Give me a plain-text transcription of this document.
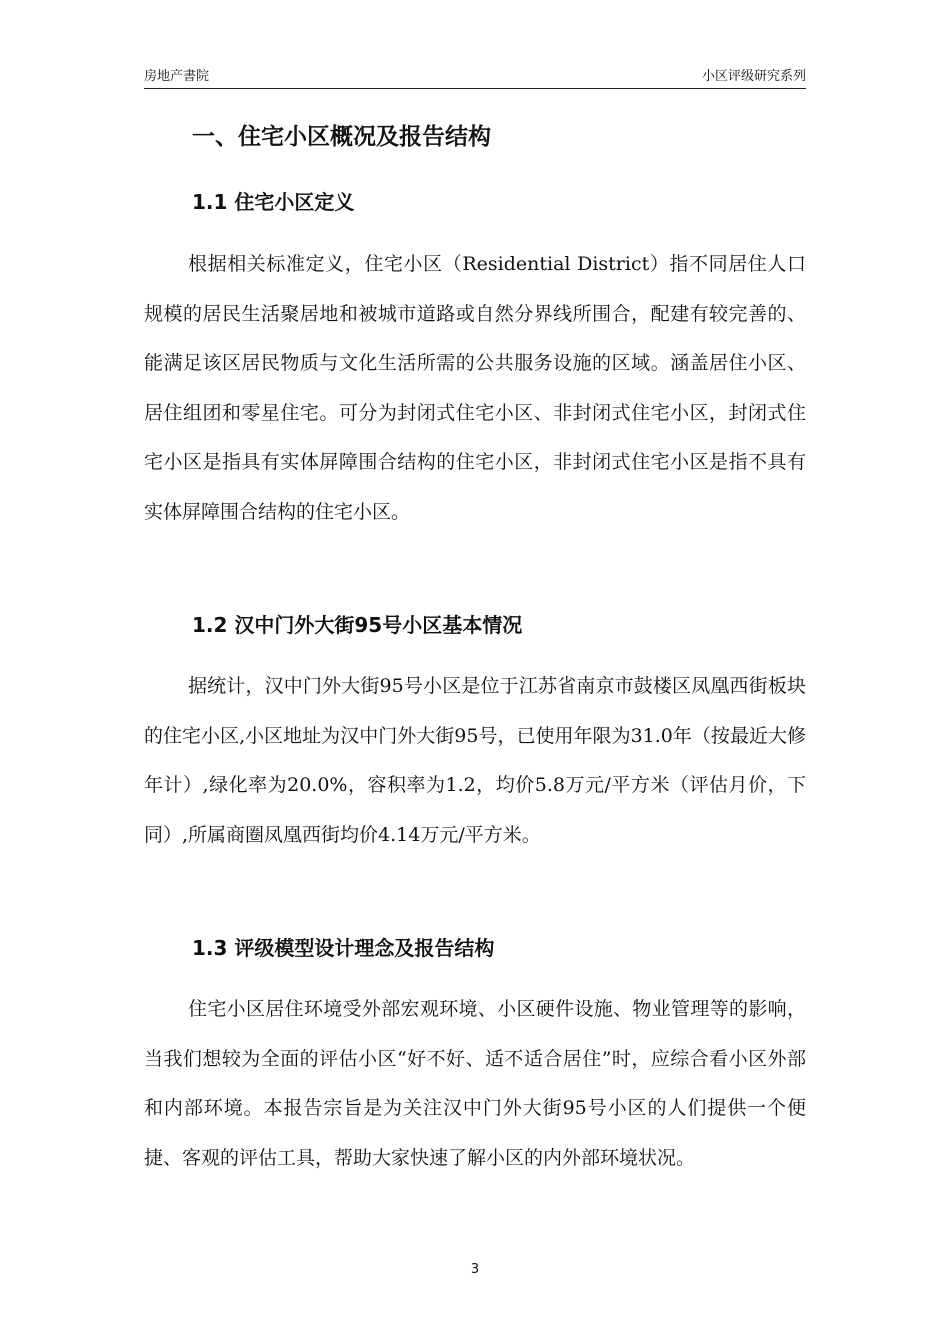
房地产書院	小区评级研究系列
一、住宅小区概况及报告结构
1.1 住宅小区定义

根据相关标准定义，住宅小区（Residential District）指不同居住人口规模的居民生活聚居地和被城市道路或自然分界线所围合，配建有较完善的、能满足该区居民物质与文化生活所需的公共服务设施的区域。涵盖居住小区、居住组团和零星住宅。可分为封闭式住宅小区、非封闭式住宅小区，封闭式住宅小区是指具有实体屏障围合结构的住宅小区，非封闭式住宅小区是指不具有实体屏障围合结构的住宅小区。

1.2 汉中门外大街95号小区基本情况

据统计，汉中门外大街95号小区是位于江苏省南京市鼓楼区凤凰西街板块的住宅小区,小区地址为汉中门外大街95号，已使用年限为31.0年（按最近大修年计）,绿化率为20.0%，容积率为1.2，均价5.8万元/平方米（评估月价，下同）,所属商圈凤凰西街均价4.14万元/平方米。

1.3 评级模型设计理念及报告结构

住宅小区居住环境受外部宏观环境、小区硬件设施、物业管理等的影响，当我们想较为全面的评估小区“好不好、适不适合居住”时，应综合看小区外部和内部环境。本报告宗旨是为关注汉中门外大街95号小区的人们提供一个便捷、客观的评估工具，帮助大家快速了解小区的内外部环境状况。

3
